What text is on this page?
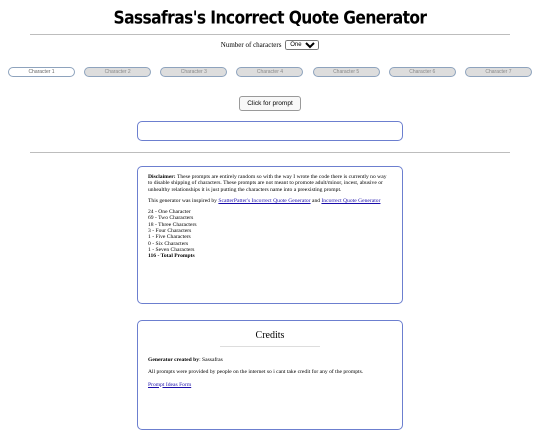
Sassafras's Incorrect Quote Generator
Number of characters
One
Character 1	Character 2	Character 3	Character 4	Character 5	Character 6	Character 7
Click for prompt

Disclaimer: These prompts are entirely random so with the way I wrote the code there is currently no way to disable shipping of characters. These prompts are not meant to promote adult/minor, incest, abusive or unhealthy relationships it is just putting the characters name into a preexisting prompt.

This generator was inspired by ScatterPatter's Incorrect Quote Generator and Incorrect Quote Generator

24 - One Character
69 - Two Characters
18 - Three Characters
3 - Four Characters
1 - Five Characters
0 - Six Characters
1 - Seven Characters
116 - Total Prompts
Credits

Generator created by: Sassafras

All prompts were provided by people on the internet so i cant take credit for any of the prompts.

Prompt Ideas Form
